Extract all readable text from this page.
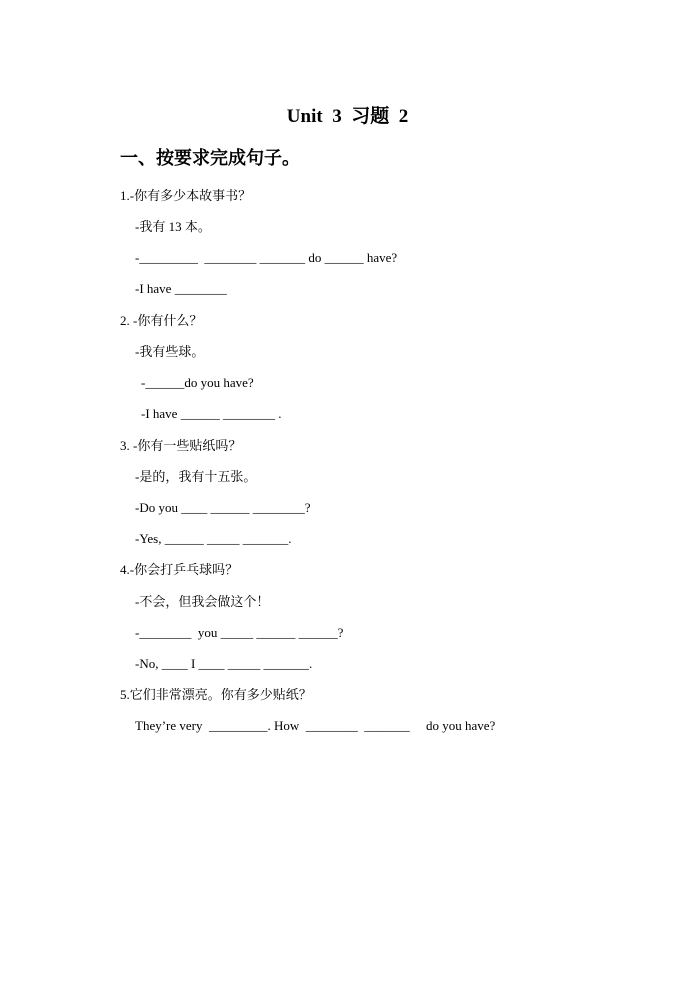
Unit  3  习题  2
一、按要求完成句子。
1.-你有多少本故事书？
-我有 13 本。
-_________  ________ _______ do ______ have?
-I have ________
2. -你有什么？
-我有些球。
-______do you have?
-I have ______ ________ .
3. -你有一些贴纸吗？
-是的，我有十五张。
-Do you ____ ______ ________?
-Yes, ______ _____ _______.
4.-你会打乒乓球吗？
-不会，但我会做这个！
-________  you _____ ______ ______?
-No, ____ I ____ _____ _______.
5.它们非常漂亮。你有多少贴纸？
They’re very  _________. How  ________  _______     do you have?
